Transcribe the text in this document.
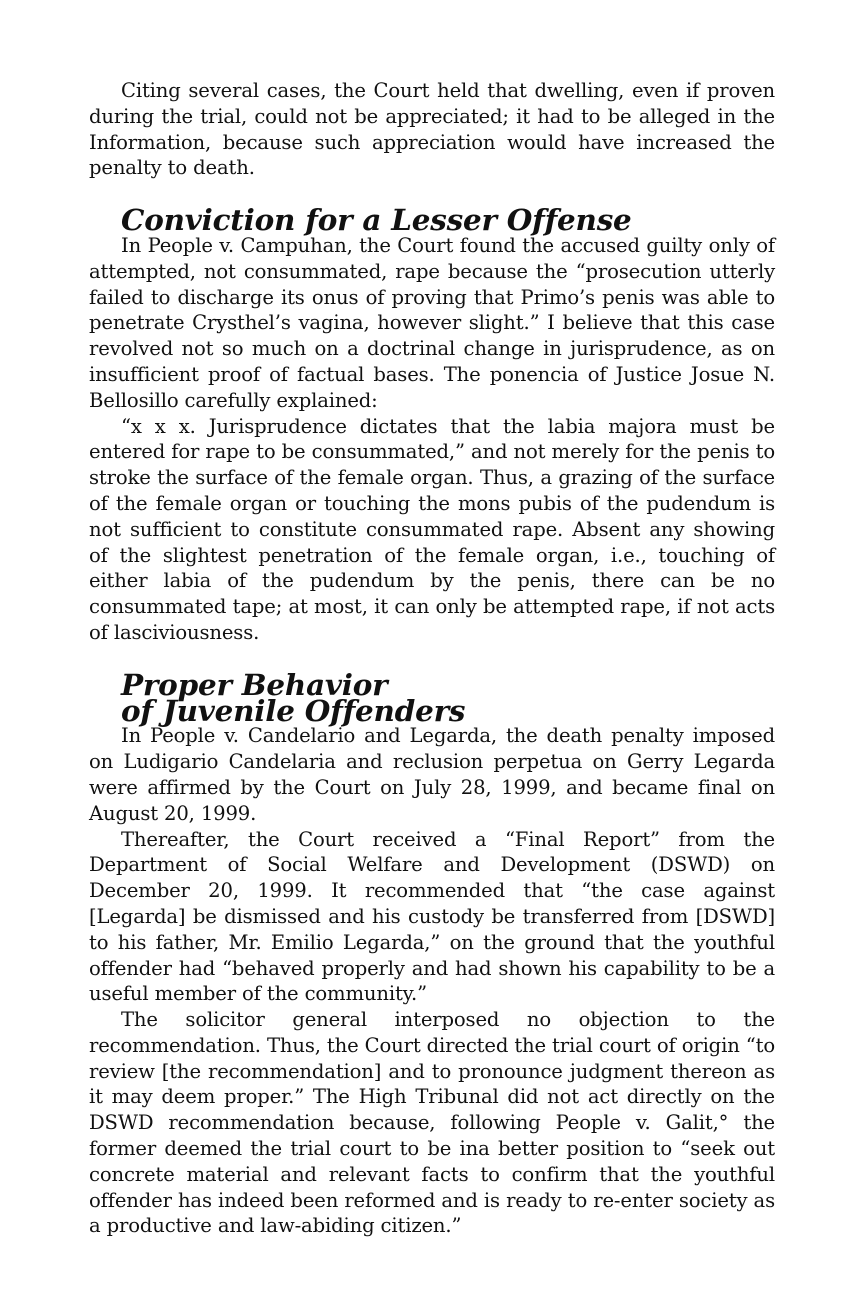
Citing several cases, the Court held that dwelling, even if proven during the trial, could not be appreciated; it had to be alleged in the Information, because such appreciation would have increased the penalty to death.

Conviction for a Lesser Offense

In People v. Campuhan, the Court found the accused guilty only of attempted, not consummated, rape because the “prosecution utterly failed to discharge its onus of proving that Primo’s penis was able to penetrate Crysthel’s vagina, however slight.” I believe that this case revolved not so much on a doctrinal change in jurisprudence, as on insufficient proof of factual bases. The ponencia of Justice Josue N. Bellosillo carefully explained:

“x x x. Jurisprudence dictates that the labia majora must be entered for rape to be consummated,” and not merely for the penis to stroke the surface of the female organ. Thus, a grazing of the surface of the female organ or touching the mons pubis of the pudendum is not sufficient to constitute consummated rape. Absent any showing of the slightest penetration of the female organ, i.e., touching of either labia of the pudendum by the penis, there can be no consummated tape; at most, it can only be attempted rape, if not acts of lasciviousness.

Proper Behavior
of Juvenile Offenders

In People v. Candelario and Legarda, the death penalty imposed on Ludigario Candelaria and reclusion perpetua on Gerry Legarda were affirmed by the Court on July 28, 1999, and became final on August 20, 1999.

Thereafter, the Court received a “Final Report” from the Department of Social Welfare and Development (DSWD) on December 20, 1999. It recommended that “the case against [Legarda] be dismissed and his custody be transferred from [DSWD] to his father, Mr. Emilio Legarda,” on the ground that the youthful offender had “behaved properly and had shown his capability to be a useful member of the community.”

The solicitor general interposed no objection to the recommendation. Thus, the Court directed the trial court of origin “to review [the recommendation] and to pronounce judgment thereon as it may deem proper.” The High Tribunal did not act directly on the DSWD recommendation because, following People v. Galit,° the former deemed the trial court to be ina better position to “seek out concrete material and relevant facts to confirm that the youthful offender has indeed been reformed and is ready to re-enter society as a productive and law-abiding citizen.”
